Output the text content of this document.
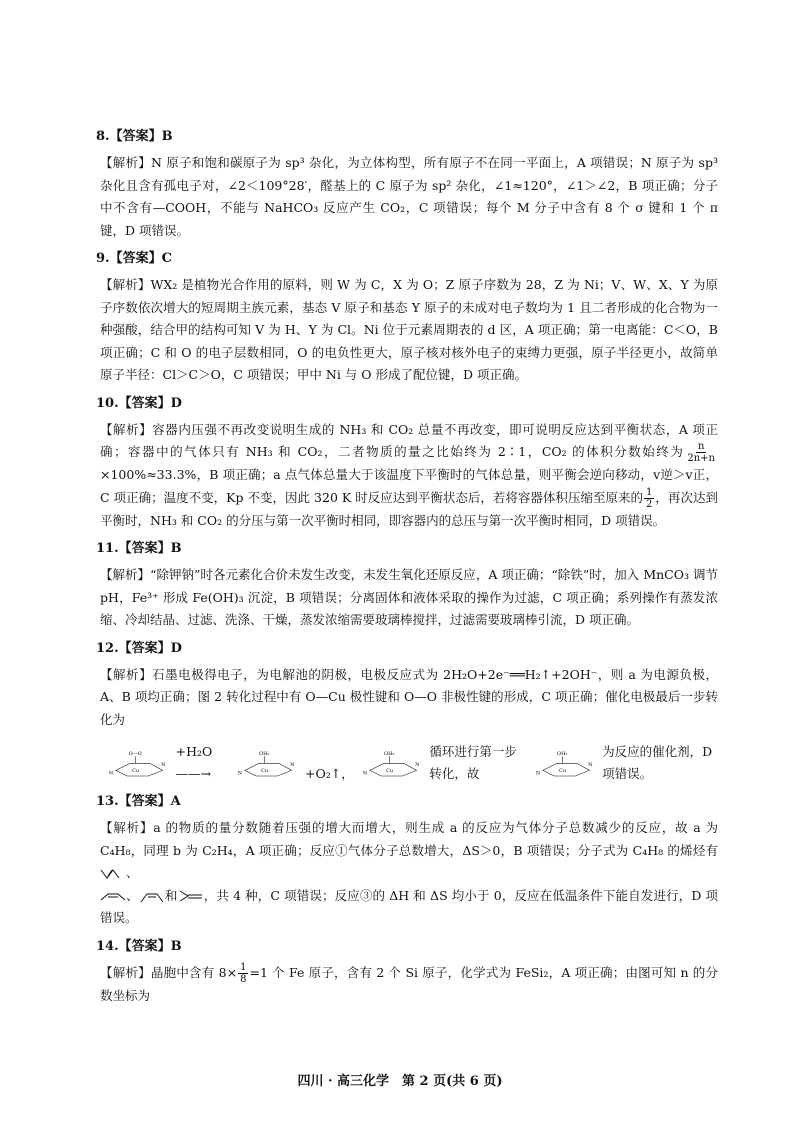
8.【答案】B
【解析】N 原子和饱和碳原子为 sp³ 杂化，为立体构型，所有原子不在同一平面上，A 项错误；N 原子为 sp³ 杂化且含有孤电子对，∠2＜109°28′，醛基上的 C 原子为 sp² 杂化，∠1≈120°，∠1＞∠2，B 项正确；分子中不含有—COOH，不能与 NaHCO₃ 反应产生 CO₂，C 项错误；每个 M 分子中含有 8 个 σ 键和 1 个 π 键，D 项错误。
9.【答案】C
【解析】WX₂ 是植物光合作用的原料，则 W 为 C，X 为 O；Z 原子序数为 28，Z 为 Ni；V、W、X、Y 为原子序数依次增大的短周期主族元素，基态 V 原子和基态 Y 原子的未成对电子数均为 1 且二者形成的化合物为一种强酸，结合甲的结构可知 V 为 H、Y 为 Cl。Ni 位于元素周期表的 d 区，A 项正确；第一电离能：C＜O，B 项正确；C 和 O 的电子层数相同，O 的电负性更大，原子核对核外电子的束缚力更强，原子半径更小，故简单原子半径：Cl＞C＞O，C 项错误；甲中 Ni 与 O 形成了配位键，D 项正确。
10.【答案】D
【解析】容器内压强不再改变说明生成的 NH₃ 和 CO₂ 总量不再改变，即可说明反应达到平衡状态，A 项正确；容器中的气体只有 NH₃ 和 CO₂，二者物质的量之比始终为 2∶1，CO₂ 的体积分数始终为 $\frac{n}{2n+n}$
×100%≈33.3%，B 项正确；a 点气体总量大于该温度下平衡时的气体总量，则平衡会逆向移动，v逆＞v正，C 项正确；温度不变，Kp 不变，因此 320 K 时反应达到平衡状态后，若将容器体积压缩至原来的 $\frac{1}{2}$ ，再次达到平衡时，NH₃ 和 CO₂ 的分压与第一次平衡时相同，即容器内的总压与第一次平衡时相同，D 项错误。
11.【答案】B
【解析】“除钾钠”时各元素化合价未发生改变，未发生氧化还原反应，A 项正确；“除铁”时，加入 MnCO₃ 调节 pH，Fe³⁺ 形成 Fe(OH)₃ 沉淀，B 项错误；分离固体和液体采取的操作为过滤，C 项正确；系列操作有蒸发浓缩、冷却结晶、过滤、洗涤、干燥，蒸发浓缩需要玻璃棒搅拌，过滤需要玻璃棒引流，D 项正确。
12.【答案】D
【解析】石墨电极得电子，为电解池的阴极，电极反应式为 2H₂O+2e⁻══H₂↑+2OH⁻，则 a 为电源负极，A、B 项均正确；图 2 转化过程中有 O—Cu 极性键和 O—O 非极性键的形成，C 项正确；催化电极最后一步转化为
O—O
Cu
N
N
+H₂O ——→
OH₂
Cu
N
N
+O₂↑，
OH₂
Cu
N
N
循环进行第一步转化，故
OH₂
Cu
N
N
为反应的催化剂，D 项错误。
13.【答案】A
【解析】a 的物质的量分数随着压强的增大而增大，则生成 a 的反应为气体分子总数减少的反应，故 a 为 C₄H₈，同理 b 为 C₂H₄，A 项正确；反应①气体分子总数增大，ΔS＞0，B 项错误；分子式为 C₄H₈ 的烯烃有、
、 和 ，共 4 种，C 项错误；反应③的 ΔH 和 ΔS 均小于 0，反应在低温条件下能自发进行，D 项错误。
14.【答案】B
【解析】晶胞中含有 $8\times \frac{1}{8} =1$ 个 Fe 原子，含有 2 个 Si 原子，化学式为 FeSi₂，A 项正确；由图可知 n 的分数坐标为
四川 · 高三化学　第 2 页(共 6 页)
